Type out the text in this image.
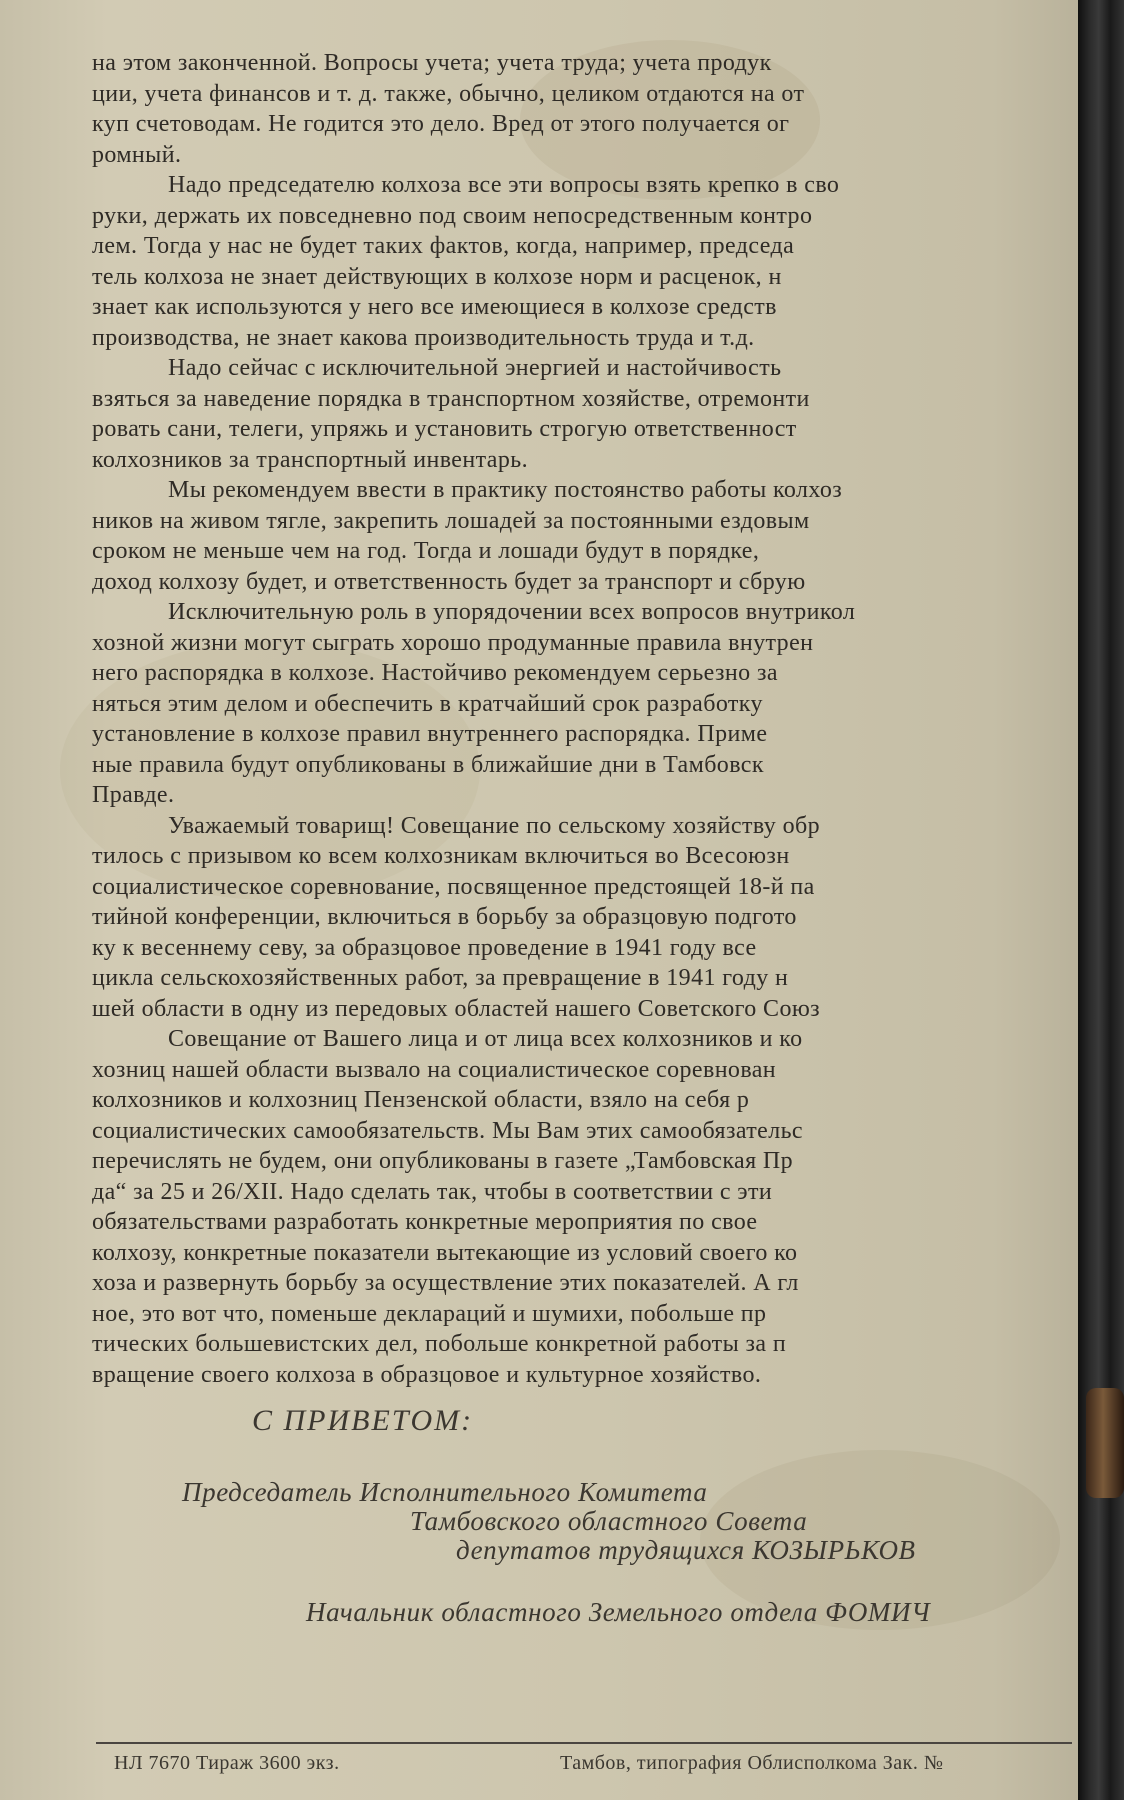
на этом законченной. Вопросы учета; учета труда; учета продук
ции, учета финансов и т. д. также, обычно, целиком отдаются на от
куп счетоводам. Не годится это дело. Вред от этого получается ог
ромный.
Надо председателю колхоза все эти вопросы взять крепко в сво
руки, держать их повседневно под своим непосредственным контро
лем. Тогда у нас не будет таких фактов, когда, например, председа
тель колхоза не знает действующих в колхозе норм и расценок, н
знает как используются у него все имеющиеся в колхозе средств
производства, не знает какова производительность труда и т.д.
Надо сейчас с исключительной энергией и настойчивость
взяться за наведение порядка в транспортном хозяйстве, отремонти
ровать сани, телеги, упряжь и установить строгую ответственност
колхозников за транспортный инвентарь.
Мы рекомендуем ввести в практику постоянство работы колхоз
ников на живом тягле, закрепить лошадей за постоянными ездовым
сроком не меньше чем на год. Тогда и лошади будут в порядке,
доход колхозу будет, и ответственность будет за транспорт и сбрую
Исключительную роль в упорядочении всех вопросов внутрикол
хозной жизни могут сыграть хорошо продуманные правила внутрен
него распорядка в колхозе. Настойчиво рекомендуем серьезно за
няться этим делом и обеспечить в кратчайший срок разработку
установление в колхозе правил внутреннего распорядка. Приме
ные правила будут опубликованы в ближайшие дни в Тамбовск
Правде.
Уважаемый товарищ! Совещание по сельскому хозяйству обр
тилось с призывом ко всем колхозникам включиться во Всесоюзн
социалистическое соревнование, посвященное предстоящей 18-й па
тийной конференции, включиться в борьбу за образцовую подгото
ку к весеннему севу, за образцовое проведение в 1941 году все
цикла сельскохозяйственных работ, за превращение в 1941 году н
шей области в одну из передовых областей нашего Советского Союз
Совещание от Вашего лица и от лица всех колхозников и ко
хозниц нашей области вызвало на социалистическое соревнован
колхозников и колхозниц Пензенской области, взяло на себя р
социалистических самообязательств. Мы Вам этих самообязательс
перечислять не будем, они опубликованы в газете „Тамбовская Пр
да“ за 25 и 26/XII. Надо сделать так, чтобы в соответствии с эти
обязательствами разработать конкретные мероприятия по свое
колхозу, конкретные показатели вытекающие из условий своего ко
хоза и развернуть борьбу за осуществление этих показателей. А гл
ное, это вот что, поменьше деклараций и шумихи, побольше пр
тических большевистских дел, побольше конкретной работы за п
вращение своего колхоза в образцовое и культурное хозяйство.

С ПРИВЕТОМ:

Председатель Исполнительного Комитета
Тамбовского областного Совета
депутатов трудящихся КОЗЫРЬКОВ
Начальник областного Земельного отдела ФОМИЧ
НЛ 7670 Тираж 3600 экз.	Тамбов, типография Облисполкома Зак. №
